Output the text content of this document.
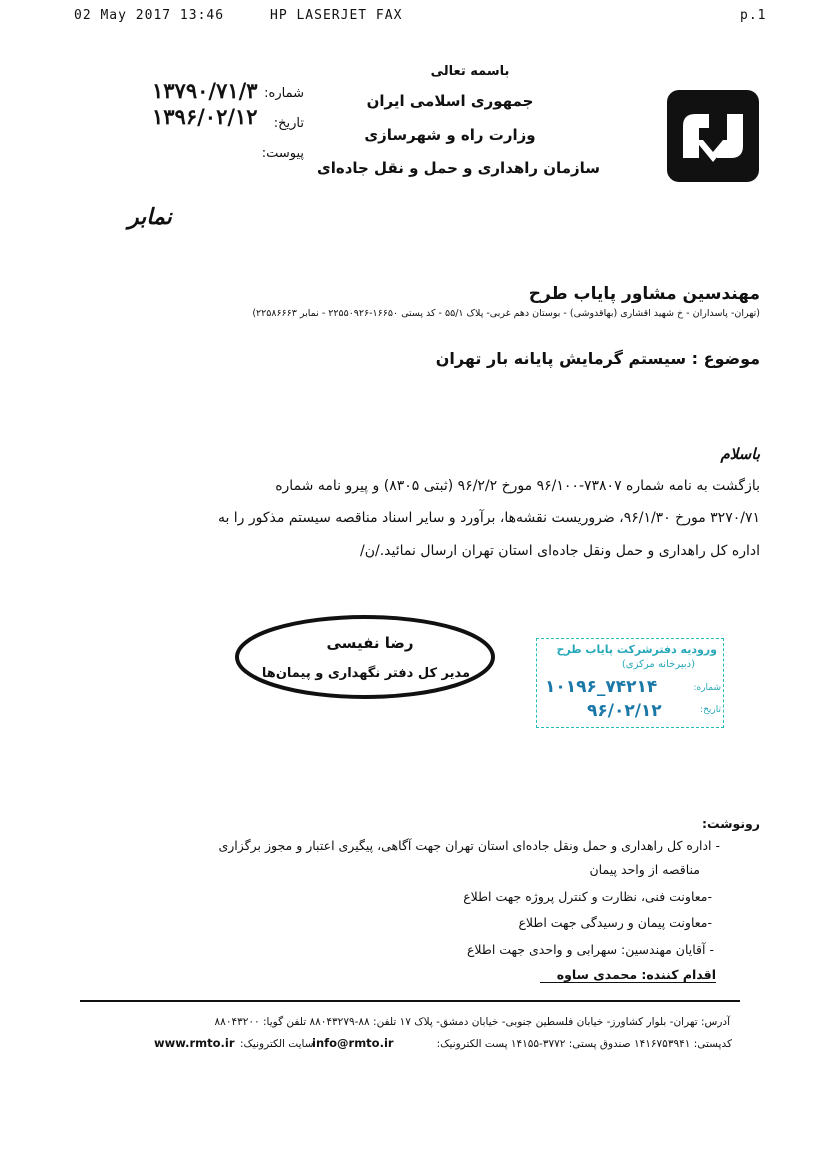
02 May 2017 13:46	HP LASERJET FAX	p.1
باسمه تعالی
جمهوری اسلامی ایران
وزارت راه و شهرسازی
سازمان راهداری و حمل و نقل جاده‌ای
شماره:
۱۳۷۹۰/۷۱/۳
تاریخ:
۱۳۹۶/۰۲/۱۲
پیوست:
نمابر
مهندسین مشاور پایاب طرح
(تهران- پاسداران - خ شهید اقشاری (بهاقدوشی) - بوستان دهم غربی- پلاک ۵۵/۱ - کد پستی ۱۶۶۵۰-۲۲۵۵۰۹۲۶ - نمابر ۲۲۵۸۶۶۶۳)
موضوع : سیستم گرمایش پایانه بار تهران
باسلام
بازگشت به نامه شماره ۷۳۸۰۷-۹۶/۱۰۰ مورخ ۹۶/۲/۲ (ثبتی ۸۳۰۵) و پیرو نامه شماره
۳۲۷۰/۷۱ مورخ ۹۶/۱/۳۰، ضروریست نقشه‌ها، برآورد و سایر اسناد مناقصه سیستم مذکور را به
اداره کل راهداری و حمل ونقل جاده‌ای استان تهران ارسال نمائید./ن/
رضا نفیسی
مدیر کل دفتر نگهداری و پیمان‌ها
ورودیه دفترشرکت پایاب طرح
(دبیرخانه مرکزی)
شماره:
۱۰۱۹۶_۷۴۲۱۴
تاریخ:
۹۶/۰۲/۱۲
رونوشت:
- اداره کل راهداری و حمل ونقل جاده‌ای استان تهران جهت آگاهی، پیگیری اعتبار و مجوز برگزاری
مناقصه از واحد پیمان
-معاونت فنی، نظارت و کنترل پروژه جهت اطلاع
-معاونت پیمان و رسیدگی جهت اطلاع
- آقایان مهندسین: سهرابی و واحدی جهت اطلاع
اقدام کننده: محمدی ساوه
آدرس: تهران- بلوار کشاورز- خیابان فلسطین جنوبی- خیابان دمشق- پلاک ۱۷ تلفن: ۸۸-۸۸۰۴۳۲۷۹ تلفن گویا: ۸۸۰۴۳۲۰۰
کدپستی: ۱۴۱۶۷۵۳۹۴۱ صندوق پستی: ۳۷۷۲-۱۴۱۵۵ پست الکترونیک:
info@rmto.ir
سایت الکترونیک:
www.rmto.ir
